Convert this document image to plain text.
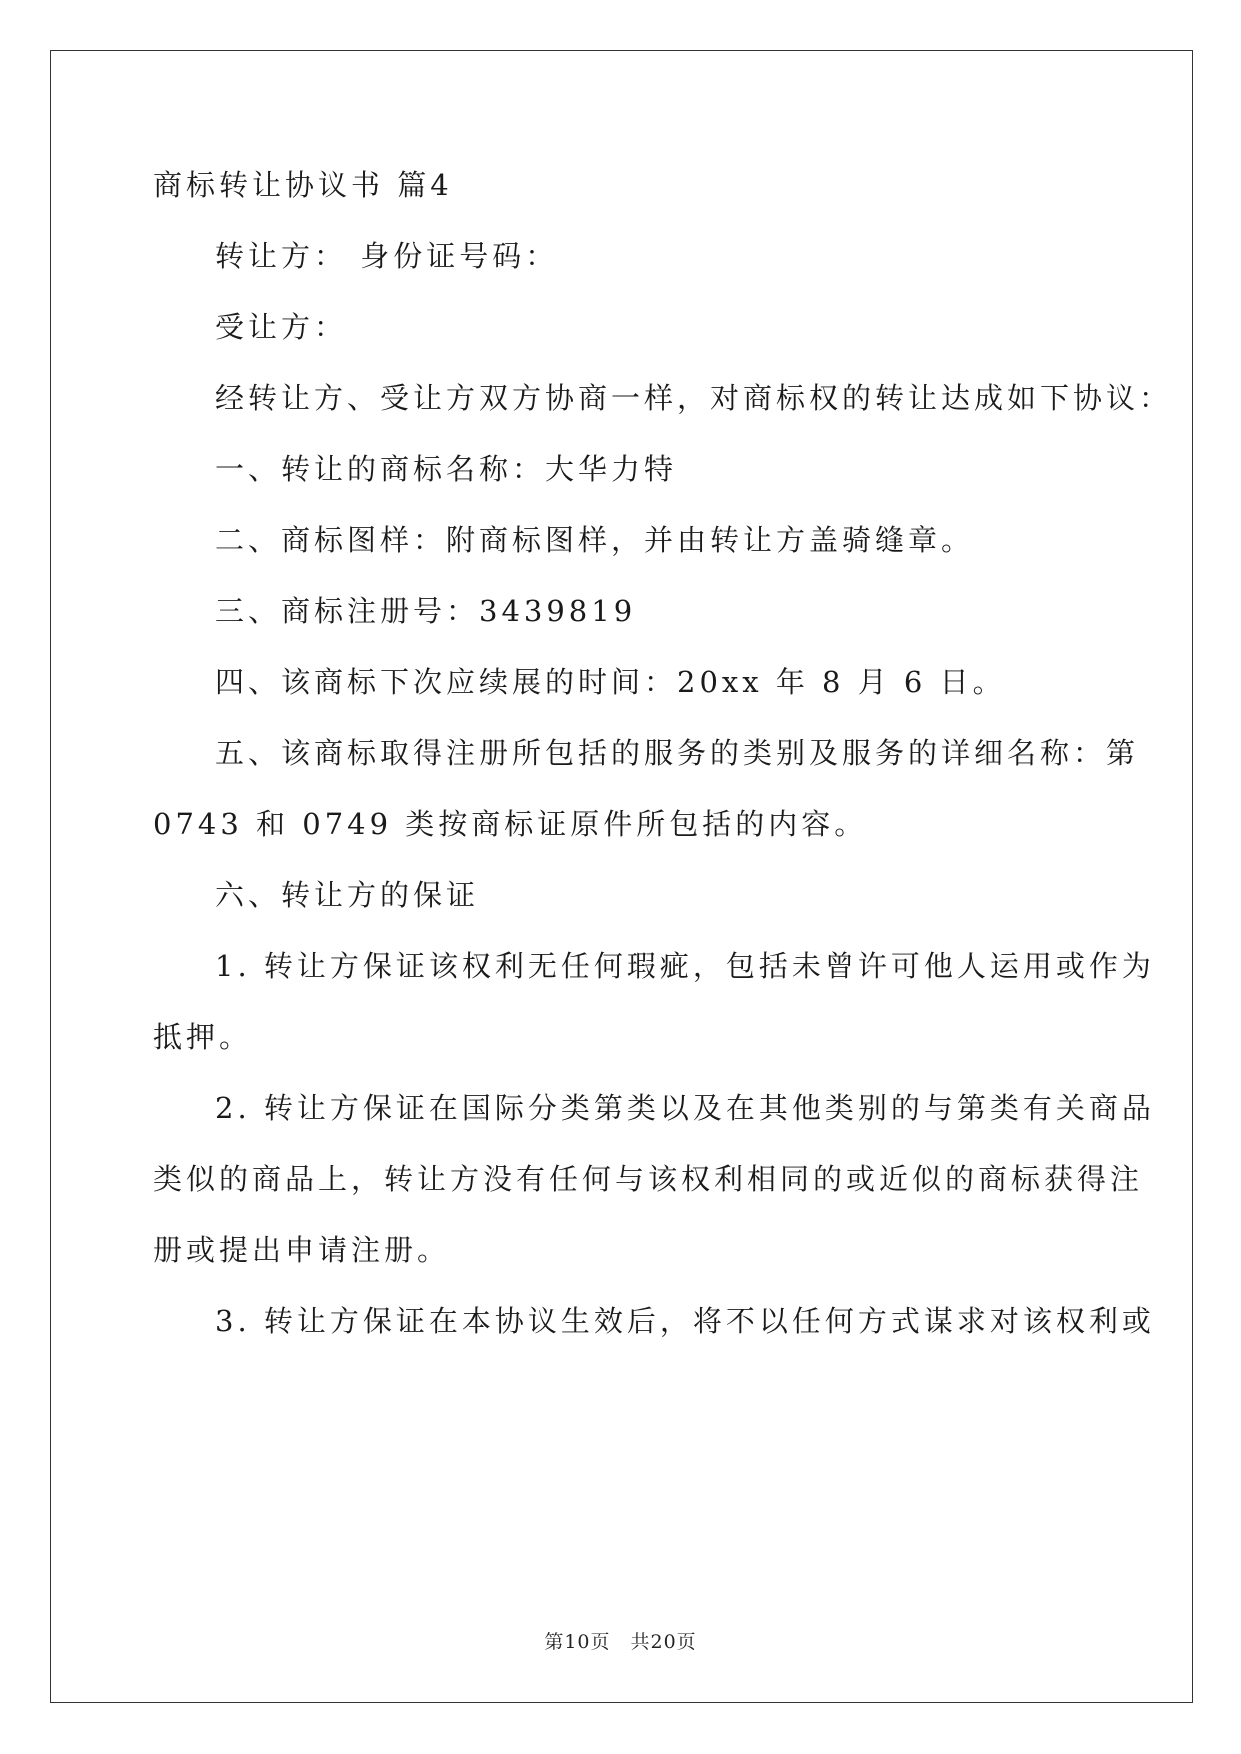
商标转让协议书 篇4
转让方： 身份证号码：
受让方：
经转让方、受让方双方协商一样，对商标权的转让达成如下协议：
一、转让的商标名称：大华力特
二、商标图样：附商标图样，并由转让方盖骑缝章。
三、商标注册号：3439819
四、该商标下次应续展的时间：20xx 年 8 月 6 日。
五、该商标取得注册所包括的服务的类别及服务的详细名称：第
0743 和 0749 类按商标证原件所包括的内容。
六、转让方的保证
1. 转让方保证该权利无任何瑕疵，包括未曾许可他人运用或作为
抵押。
2. 转让方保证在国际分类第类以及在其他类别的与第类有关商品
类似的商品上，转让方没有任何与该权利相同的或近似的商标获得注
册或提出申请注册。
3. 转让方保证在本协议生效后，将不以任何方式谋求对该权利或
第10页　共20页
